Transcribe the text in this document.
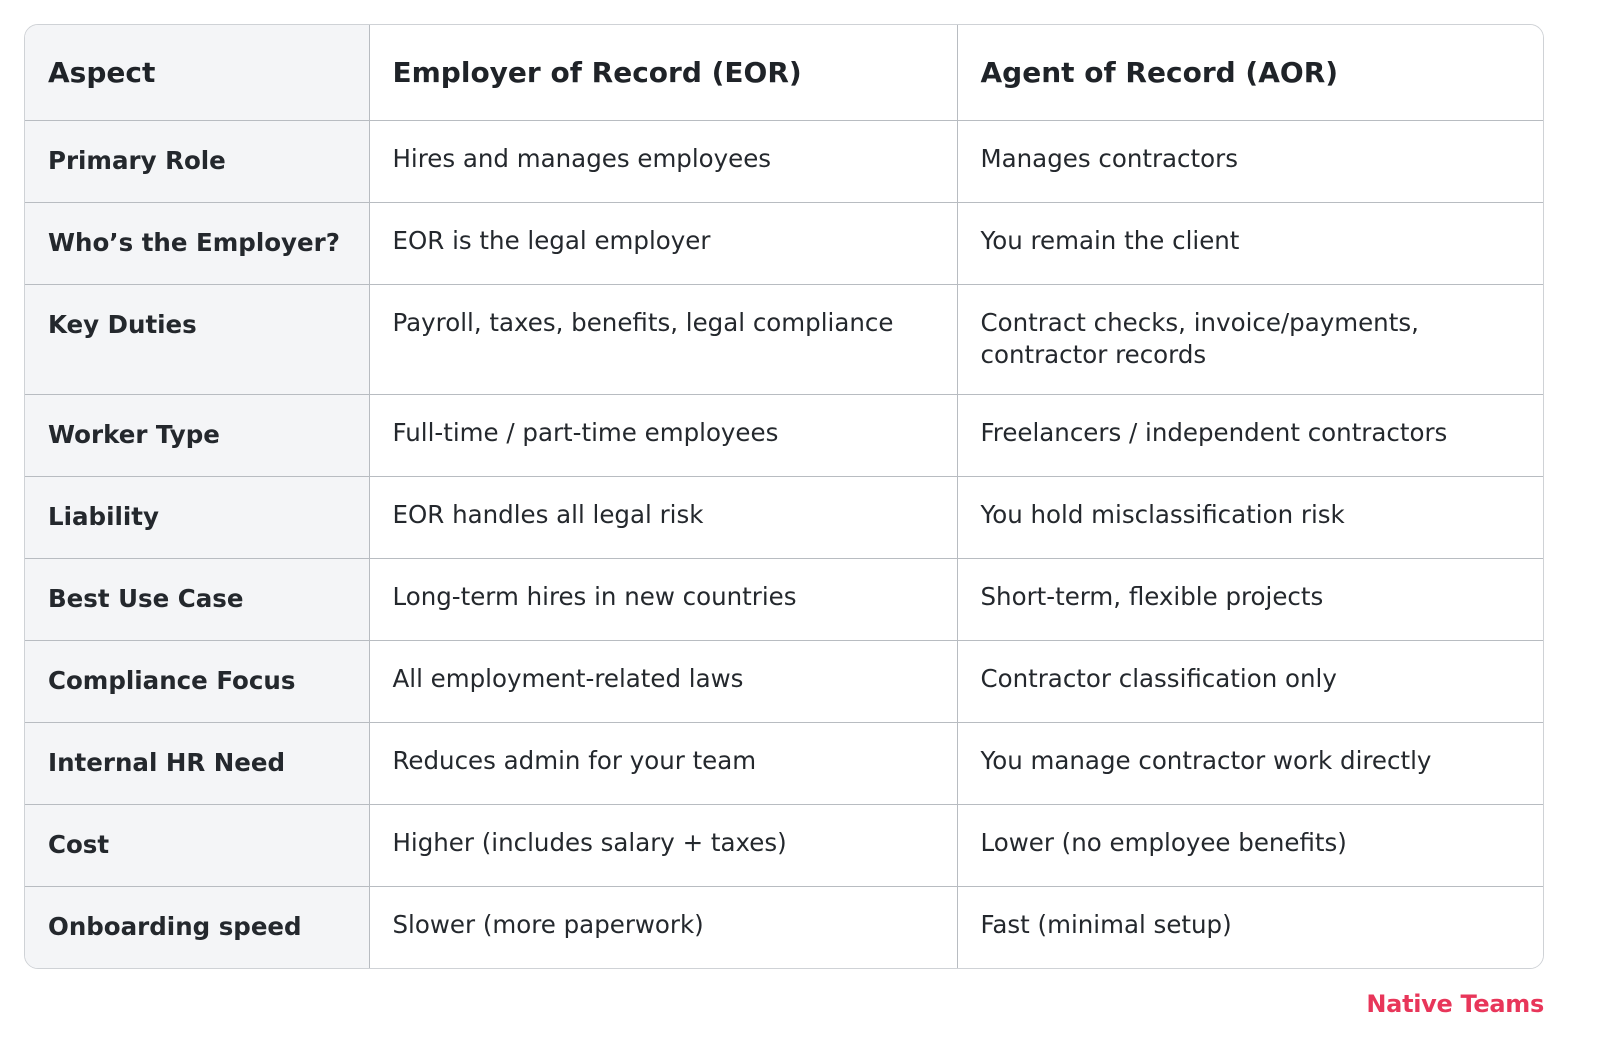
Aspect	Employer of Record (EOR)	Agent of Record (AOR)
Primary Role	Hires and manages employees	Manages contractors
Who’s the Employer?	EOR is the legal employer	You remain the client
Key Duties	Payroll, taxes, benefits, legal compliance	Contract checks, invoice/payments, contractor records
Worker Type	Full-time / part-time employees	Freelancers / independent contractors
Liability	EOR handles all legal risk	You hold misclassification risk
Best Use Case	Long-term hires in new countries	Short-term, flexible projects
Compliance Focus	All employment-related laws	Contractor classification only
Internal HR Need	Reduces admin for your team	You manage contractor work directly
Cost	Higher (includes salary + taxes)	Lower (no employee benefits)
Onboarding speed	Slower (more paperwork)	Fast (minimal setup)
Native Teams
